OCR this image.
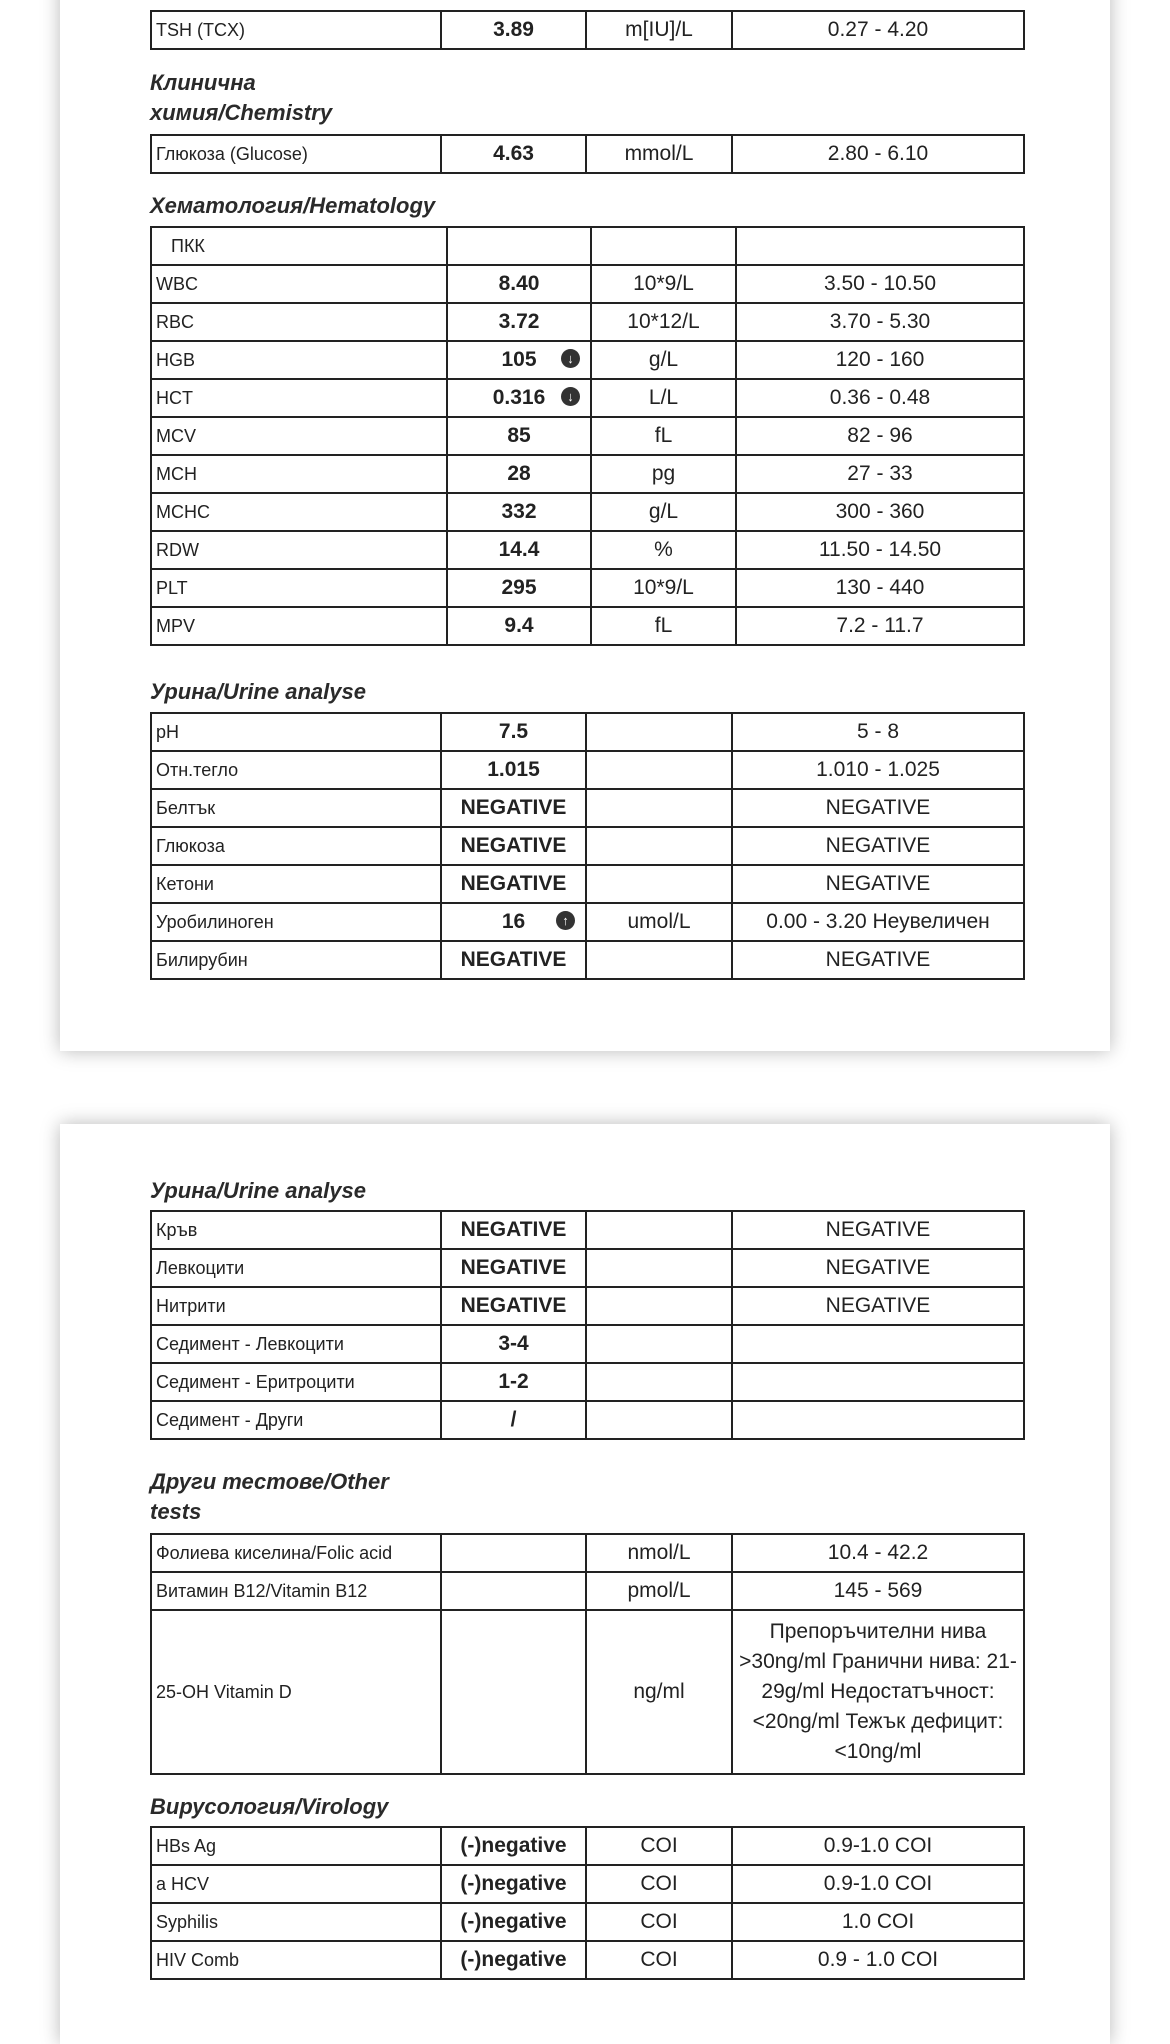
TSH (TCX)	3.89	m[IU]/L	0.27 - 4.20
Клинична
химия/Chemistry
Глюкоза (Glucose)	4.63	mmol/L	2.80 - 6.10
Хематология/Hematology
ПКК			
WBC	8.40	10*9/L	3.50 - 10.50
RBC	3.72	10*12/L	3.70 - 5.30
HGB	105 ↓	g/L	120 - 160
HCT	0.316 ↓	L/L	0.36 - 0.48
MCV	85	fL	82 - 96
MCH	28	pg	27 - 33
MCHC	332	g/L	300 - 360
RDW	14.4	%	11.50 - 14.50
PLT	295	10*9/L	130 - 440
MPV	9.4	fL	7.2 - 11.7
Урина/Urine analyse
pH	7.5		5 - 8
Отн.тегло	1.015		1.010 - 1.025
Белтък	NEGATIVE		NEGATIVE
Глюкоза	NEGATIVE		NEGATIVE
Кетони	NEGATIVE		NEGATIVE
Уробилиноген	16 ↑	umol/L	0.00 - 3.20 Неувеличен
Билирубин	NEGATIVE		NEGATIVE
Урина/Urine analyse
Кръв	NEGATIVE		NEGATIVE
Левкоцити	NEGATIVE		NEGATIVE
Нитрити	NEGATIVE		NEGATIVE
Седимент - Левкоцити	3-4		
Седимент - Еритроцити	1-2		
Седимент - Други	/		
Други тестове/Other
tests
Фолиева киселина/Folic acid		nmol/L	10.4 - 42.2
Витамин B12/Vitamin B12		pmol/L	145 - 569
25-OH Vitamin D		ng/ml	Препоръчителни нива >30ng/ml Гранични нива: 21-29g/ml Недостатъчност: <20ng/ml Тежък дефицит: <10ng/ml
Вирусология/Virology
HBs Ag	(-)negative	COI	0.9-1.0 COI
a HCV	(-)negative	COI	0.9-1.0 COI
Syphilis	(-)negative	COI	1.0 COI
HIV Comb	(-)negative	COI	0.9 - 1.0 COI
